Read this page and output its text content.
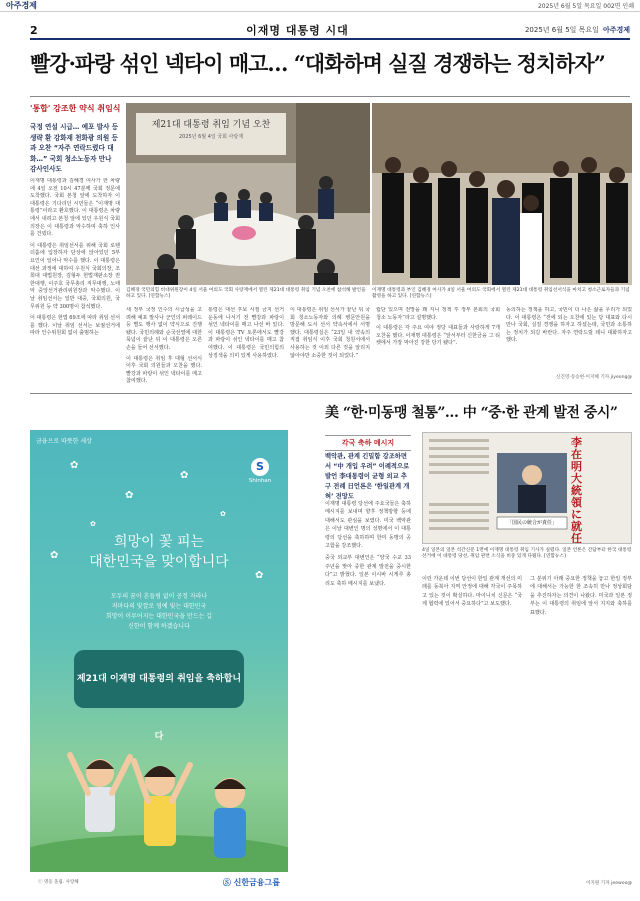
아주경제	2025년 6월 5일 목요일 002면 인쇄
2	이재명 대통령 시대	2025년 6월 5일 목요일 아주경제
빨강·파랑 섞인 넥타이 매고… “대화하며 실질 경쟁하는 정치하자”
'통합' 강조한 약식 취임식
국정 연설 시급… 예포 발사 등 생략 환 강화재 천화광 의원 등과 오찬 “자주 연락드렸다 대화…” 국회 청소노동자 만나 감사인사도
제21대 대통령 취임 기념 오찬
2025년 6월 4일 국회 사랑재
김혜경 국민의힘 비대위원장이 4일 서울 여의도 국회 사랑재에서 열린 제21대 대통령 취임 기념 오찬에 참석해 발언을 하고 있다. [연합뉴스]
이재명 대통령과 부인 김혜경 여사가 4일 서울 여의도 국회에서 열린 제21대 대통령 취임선서식을 마치고 청소근로자들과 기념촬영을 하고 있다. [연합뉴스]

이재명 대통령과 김혜경 여사가 한 차량에 4일 오전 10시 47분께 국회 정문에 도착했다. 국회 본청 앞에 도착하자 이 대통령은 기다리던 시민들은 “이재명 대통령”이라고 환호했다. 이 대통령은 차량에서 내려고 본청 앞에 있던 우원식 국회의장은 이 대통령과 악수하며 축하 인사를 건넸다.

이 대통령은 취임선서를 위해 국회 로텐더홀에 입장하자 단상에 앉아있던 5부 요인이 일어나 악수를 했다. 이 대통령은 대선 과정에 대하여 우원식 국회의장, 조희대 대법원장, 김형두 헌법재판소장 권한대행, 이주호 국무총리 직무대행, 노태악 중앙선거관리위원장과 악수했다. 이날 취임선서는 일반 대중, 국회의원, 국무위원 등 약 300명이 참석했다.

이 대통령은 헌법 69조에 따라 취임 선서를 했다. 이날 취임 선서는 보궐선거에 따라 인수위원회 없이 출범하는

새 정부 국정 인수의 시급성을 고려해 예포 발사나 군인의 퍼레이드 등 별도 행사 없이 약식으로 진행됐다. 국민의례와 순국선열에 대한 묵념이 끝난 뒤 이 대통령은 오른손을 들어 선서했다.

이 대통령은 취임 후 대형 선서식 이후 국회 의원들과 오찬을 했다. 빨강과 파랑이 섞인 넥타이를 매고 참여했다.

통령은 대선 후보 시절 금지 선거운동에 나서기 전 빨강과 파랑이 섞인 넥타이를 매고 나선 바 있다. 이 대통령은 TV 토론에서도 빨강과 파랑이 섞인 넥타이를 매고 참여했다. 이 대통령은 국민의힘의 상징색을 의미 있게 사용하였다.

이 대통령은 취임 선서가 끝난 뒤 국회 청소노동자와 의례 병문안원을 방문해 도서 선서 약속서에서 서명했다. 대통령실은 “23일 내 약속의 직접 취임식 이후 국회 청원서에서 사용하는 것 이외 다른 것을 알리지 않아야만 소중한 것이 되었다.”

립단 있으며 전망을 꽤 지니 정책 후 정부 본회의 국회 청소 노동자”라고 설명했다.

이 대통령은 각 주요 여야 정당 대표들과 사랑하게 7개 오찬을 했다. 이재명 대통령은 “앞서부터 신한금융 그 티켓에서 가장 막아진 강한 당기 됐다”.

동의하는 정책을 하고, 국민이 더 나은 삶을 우리가 되었다. 이 대통령은 “전에 되는 오찬에 있는 당 대표와 다시 만나 국회, 실질 경쟁을 하자고 하셨는데, 국민과 소통하는 정치가 되길 바란다. 자주 연락드릴 테니 대화하자고 했다.

신진영·송승현·이지혜 기자 jiyeong@
금융으로 따뜻한 세상
S
Shinhan
✿
✿
✿
✿
✿
✿
✿
희망이 꽃 피는
대한민국을 맞이합니다
모두의 꿈이 흔들림 없이 공정 자라나
저마다의 빛깔로 영예 빛는 대한민국
희망이 이루어지는 대한민국을 만드는 길
신한이 함께 하겠습니다
제21대 이재명 대통령의 취임을 축하합니다
ⓒ 명동 올림. 사랑해	Ⓢ 신한금융그룹
美 “한·미동맹 철통”… 中 “중·한 관계 발전 중시”
각국 축하 메시지
백악관, 관계 긴밀함 강조하면서 “中 개입 우려” 이례적으로 발언 李대통령이 균형 외교 추구 전례 日언론은 ‘한일관계 개혀’ 전망도
李在明大統領に就任
「国民の統合が責任」
4일 일본의 일본 석간신문 1면에 이재명 대통령 취임 기사가 실렸다. 일본 언론은 간담부터 한국 대통령 선거에 이 대통령 당선, 취임 관련 소식을 비중 있게 다뤘다. [연합뉴스]

이재명 대통령 당선에 주요국들은 축하 메시지를 보내며 향후 정책방향 등에 대해서도 관심을 보였다. 미국 백악관은 이날 대변인 명의 성명에서 이 대통령의 당선을 축하하며 한미 동맹의 공고함을 강조했다.

중국 외교부 대변인은 “양국 수교 33주년을 맞아 중한 관계 발전을 중시한다”고 밝혔다. 일본 이시바 시게루 총리도 축하 메시지를 보냈다.

이런 가운데 이번 당선이 한일 관계 개선의 미래를 동북아 지역 안정에 대해 각국이 주목하고 있는 것이 확실하다. 마이니치 신문은 “국제 협력에 있어서 중요하다”고 보도했다.

그 분위기 아래 중요한 정책을 놓고 한일 정부에 대해서는 가능한 한 조속히 만나 정상회담을 추진하자는 의견이 나왔다. 미국과 일본 정부는 이 대통령의 취임에 앞서 지지와 축하를 표했다.

이지원 기자 jeewoo@
